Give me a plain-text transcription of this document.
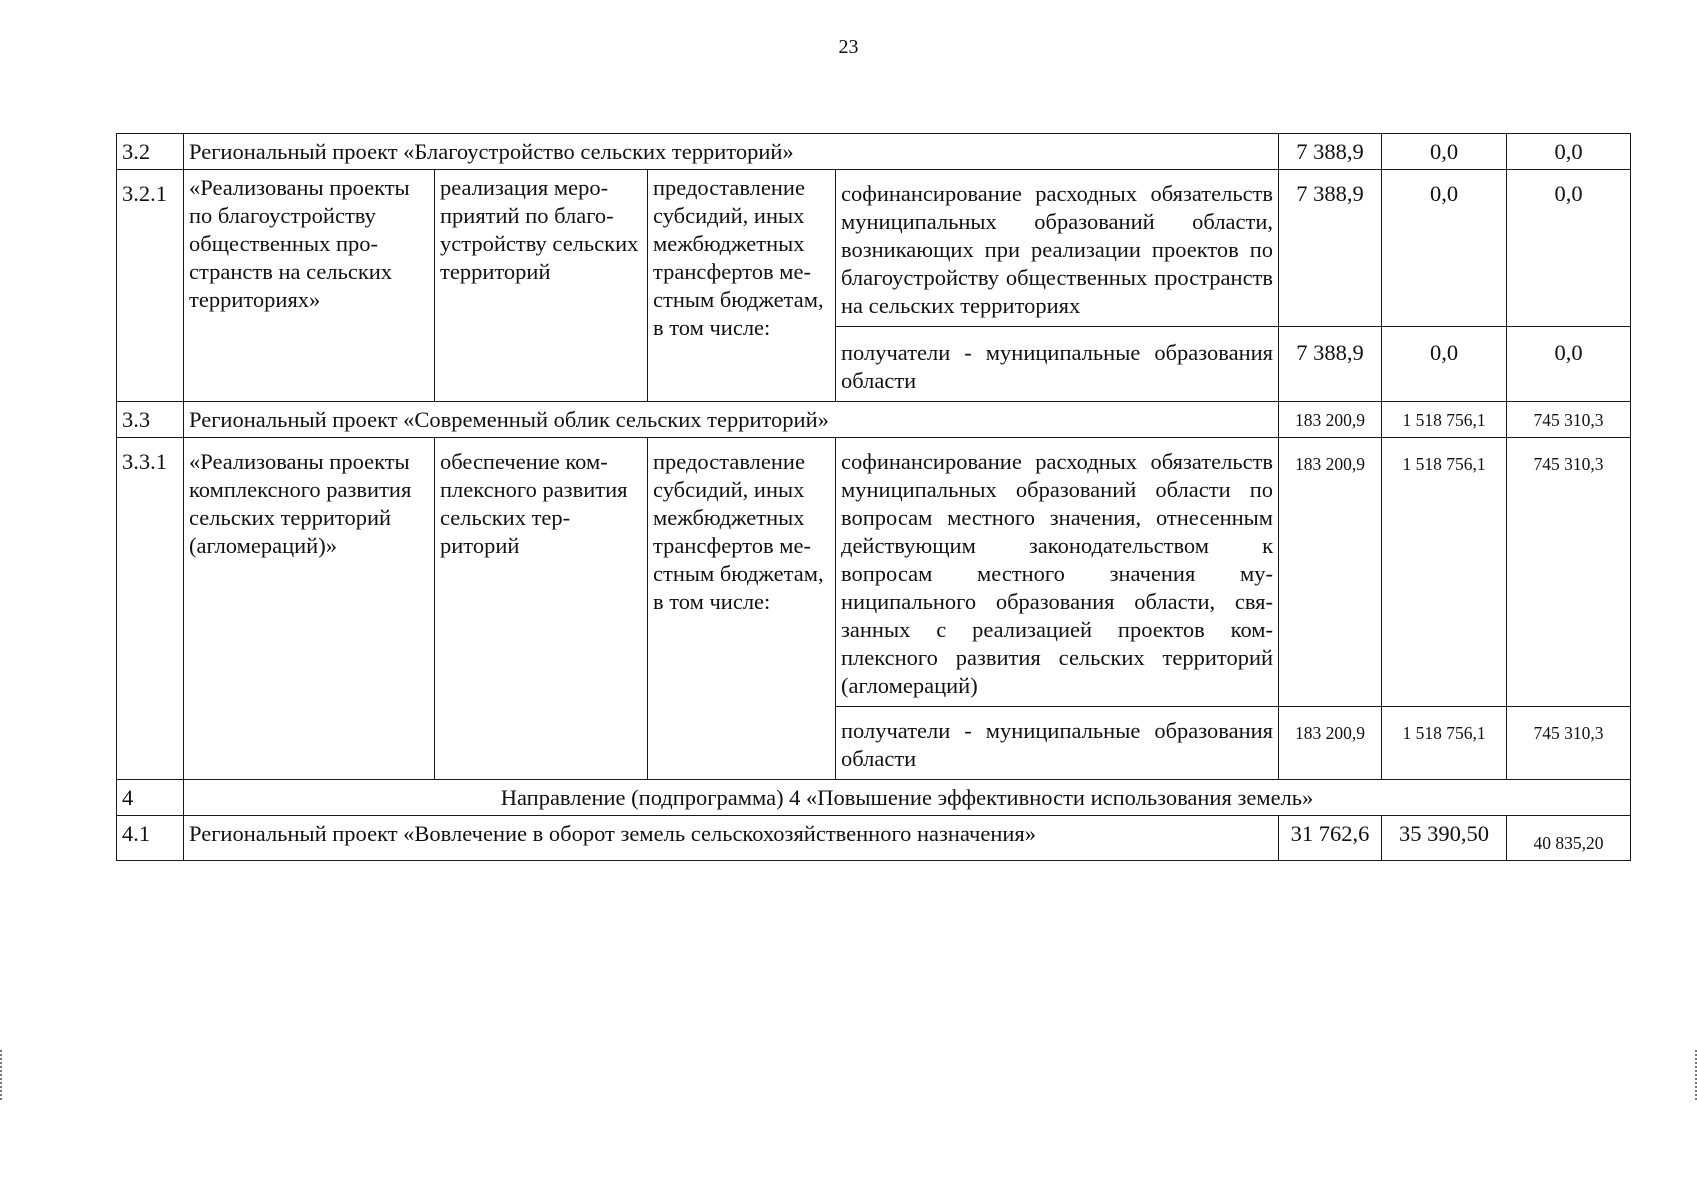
23
3.2	Региональный проект «Благоустройство сельских территорий»				7 388,9	0,0	0,0
3.2.1	«Реализованы проекты по благоустройству общественных пространств на сельских территориях»	реализация мероприятий по благоустройству сельских территорий	предоставление субсидий, иных межбюджетных трансфертов местным бюджетам, в том числе:	софинансирование расходных обязательств муниципальных образований области, возникающих при реализации проектов по благоустройству общественных пространств на сельских территориях	7 388,9	0,0	0,0
				получатели - муниципальные образования области	7 388,9	0,0	0,0
3.3	Региональный проект «Современный облик сельских территорий»				183 200,9	1 518 756,1	745 310,3
3.3.1	«Реализованы проекты комплексного развития сельских территорий (агломераций)»	обеспечение комплексного развития сельских территорий	предоставление субсидий, иных межбюджетных трансфертов местным бюджетам, в том числе:	софинансирование расходных обязательств муниципальных образований области по вопросам местного значения, отнесенным действующим законодательством к вопросам местного значения муниципального образования области, связанных с реализацией проектов комплексного развития сельских территорий (агломераций)	183 200,9	1 518 756,1	745 310,3
				получатели - муниципальные образования области	183 200,9	1 518 756,1	745 310,3
4	Направление (подпрограмма) 4 «Повышение эффективности использования земель»						
4.1	Региональный проект «Вовлечение в оборот земель сельскохозяйственного назначения»				31 762,6	35 390,50	40 835,20
